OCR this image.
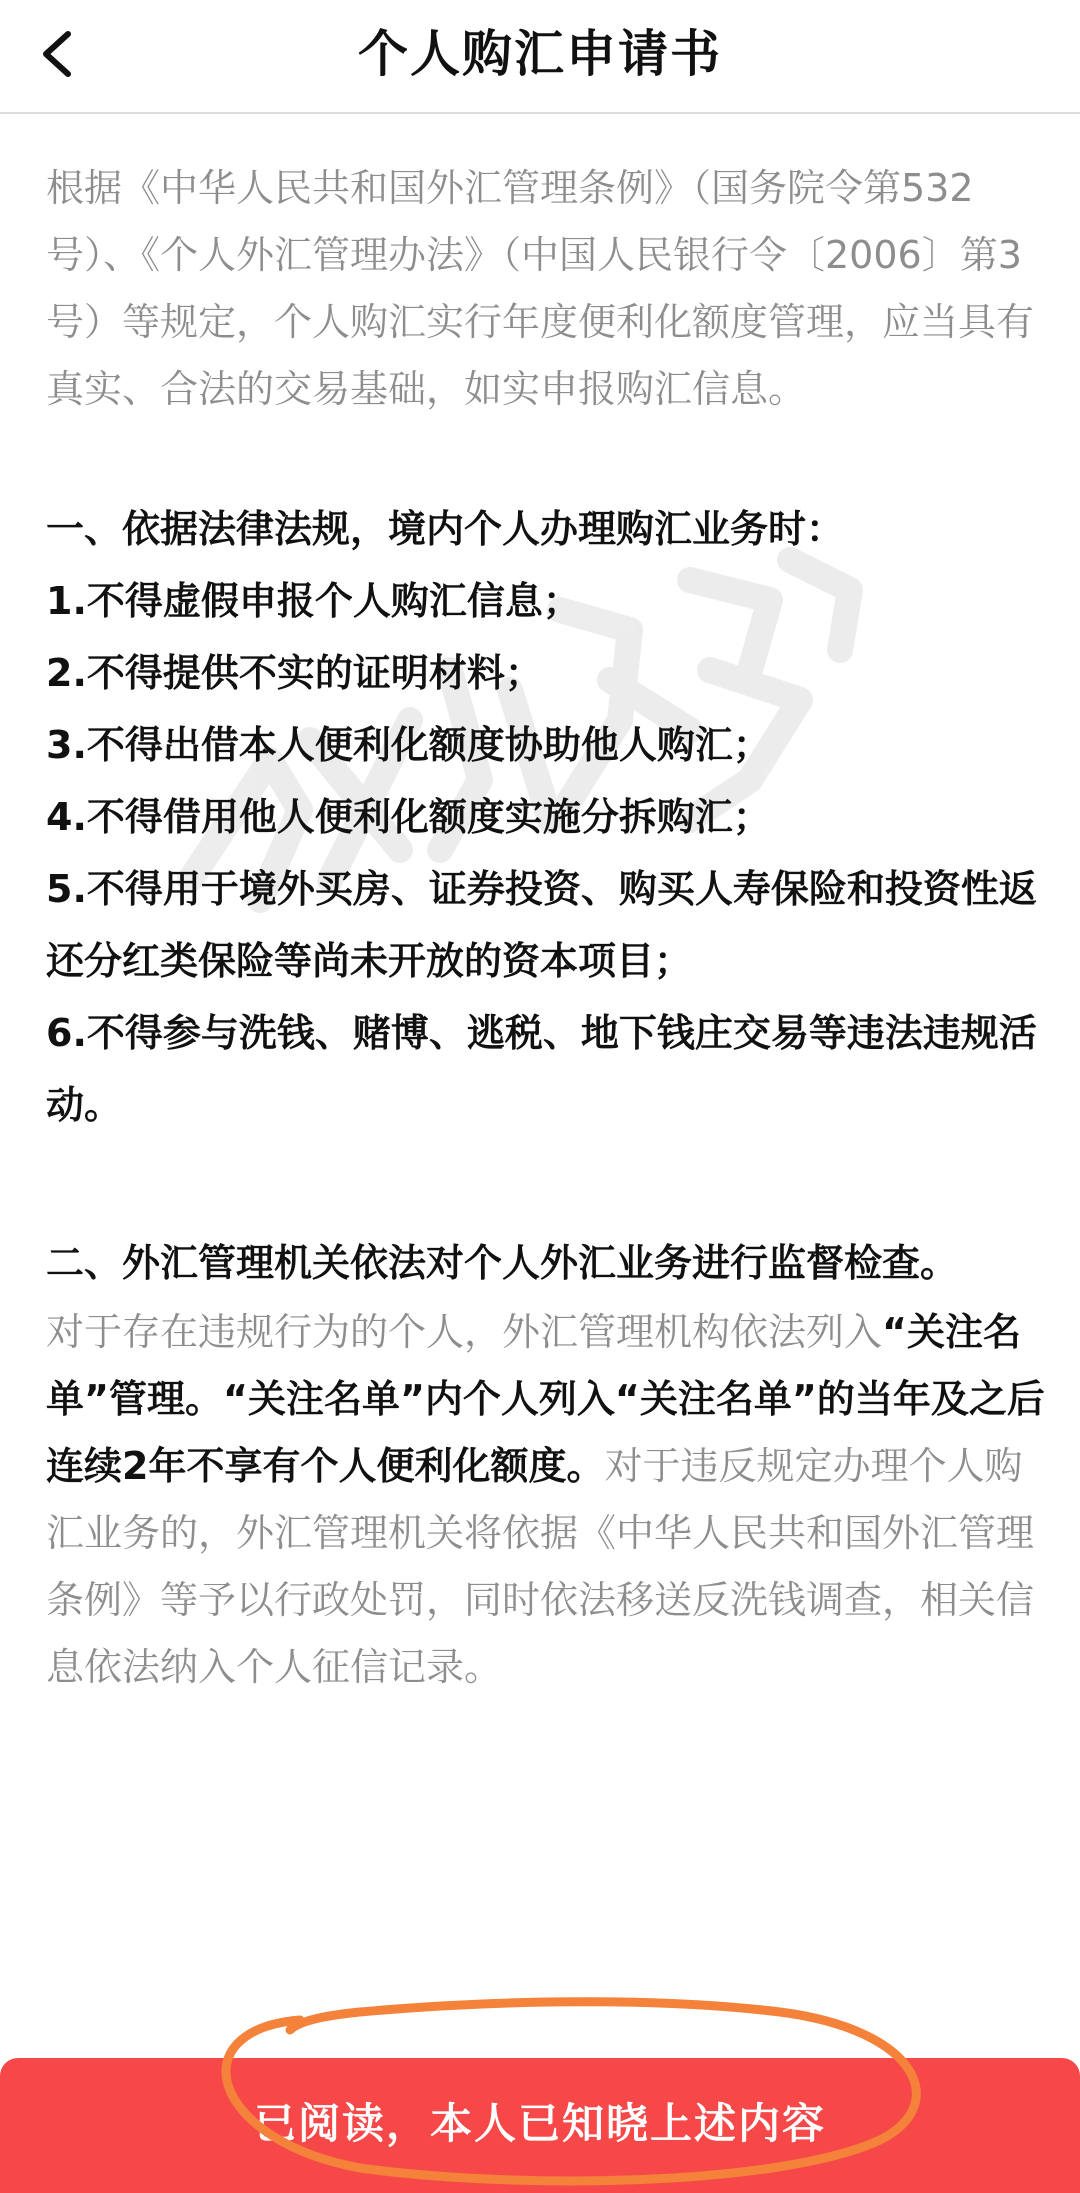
个人购汇申请书

根据《中华人民共和国外汇管理条例》（国务院令第532号）、《个人外汇管理办法》（中国人民银行令〔2006〕第3号）等规定，个人购汇实行年度便利化额度管理，应当具有真实、合法的交易基础，如实申报购汇信息。

一、依据法律法规，境内个人办理购汇业务时：

1.不得虚假申报个人购汇信息；
2.不得提供不实的证明材料；
3.不得出借本人便利化额度协助他人购汇；
4.不得借用他人便利化额度实施分拆购汇；
5.不得用于境外买房、证券投资、购买人寿保险和投资性返还分红类保险等尚未开放的资本项目；
6.不得参与洗钱、赌博、逃税、地下钱庄交易等违法违规活动。

二、外汇管理机关依法对个人外汇业务进行监督检查。

对于存在违规行为的个人，外汇管理机构依法列入“关注名单”管理。“关注名单”内个人列入“关注名单”的当年及之后连续2年不享有个人便利化额度。对于违反规定办理个人购汇业务的，外汇管理机关将依据《中华人民共和国外汇管理条例》等予以行政处罚，同时依法移送反洗钱调查，相关信息依法纳入个人征信记录。

已阅读，本人已知晓上述内容
